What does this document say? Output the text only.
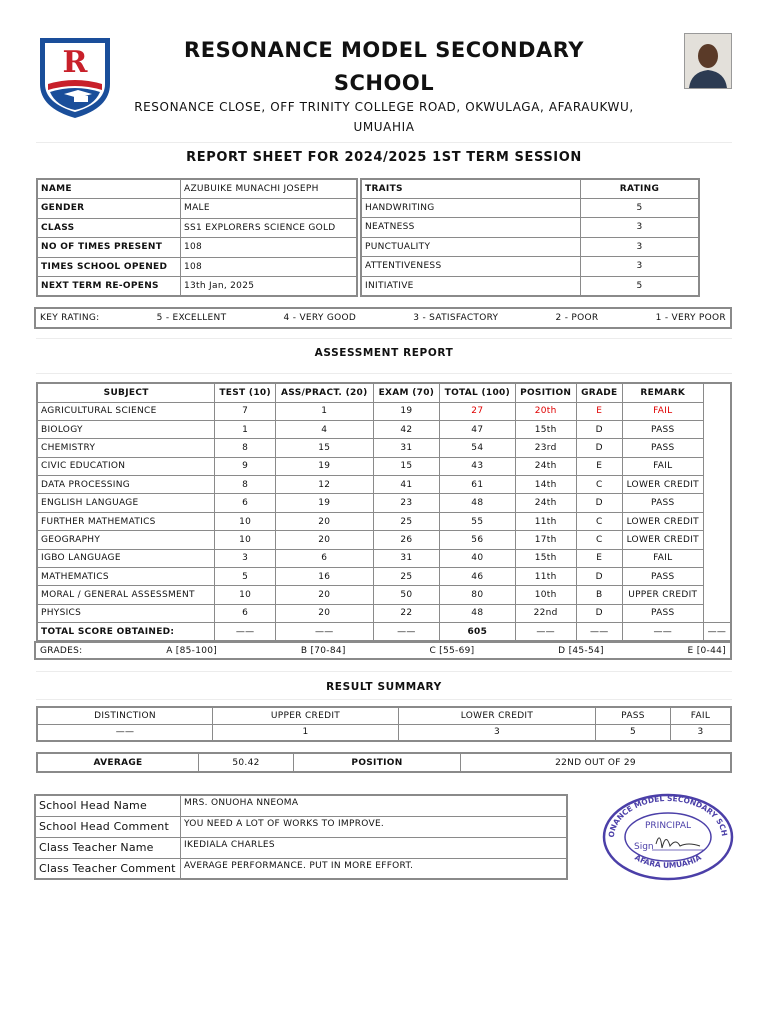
R	RESONANCE MODEL SECONDARY SCHOOL
RESONANCE CLOSE, OFF TRINITY COLLEGE ROAD, OKWULAGA, AFARAUKWU, UMUAHIA
REPORT SHEET FOR 2024/2025 1ST TERM SESSION
NAME	AZUBUIKE MUNACHI JOSEPH
GENDER	MALE
CLASS	SS1 EXPLORERS SCIENCE GOLD
NO OF TIMES PRESENT	108
TIMES SCHOOL OPENED	108
NEXT TERM RE-OPENS	13th Jan, 2025
TRAITS	RATING
HANDWRITING	5
NEATNESS	3
PUNCTUALITY	3
ATTENTIVENESS	3
INITIATIVE	5
KEY RATING:	5 - EXCELLENT	4 - VERY GOOD	3 - SATISFACTORY	2 - POOR	1 - VERY POOR
ASSESSMENT REPORT
SUBJECT	TEST (10)	ASS/PRACT. (20)	EXAM (70)	TOTAL (100)	POSITION	GRADE	REMARK	
AGRICULTURAL SCIENCE	7	1	19	27	20th	E	FAIL	
BIOLOGY	1	4	42	47	15th	D	PASS	
CHEMISTRY	8	15	31	54	23rd	D	PASS	
CIVIC EDUCATION	9	19	15	43	24th	E	FAIL	
DATA PROCESSING	8	12	41	61	14th	C	LOWER CREDIT	
ENGLISH LANGUAGE	6	19	23	48	24th	D	PASS	
FURTHER MATHEMATICS	10	20	25	55	11th	C	LOWER CREDIT	
GEOGRAPHY	10	20	26	56	17th	C	LOWER CREDIT	
IGBO LANGUAGE	3	6	31	40	15th	E	FAIL	
MATHEMATICS	5	16	25	46	11th	D	PASS	
MORAL / GENERAL ASSESSMENT	10	20	50	80	10th	B	UPPER CREDIT	
PHYSICS	6	20	22	48	22nd	D	PASS	
TOTAL SCORE OBTAINED:	——	——	——	605	——	——	——	——
GRADES:	A [85-100]	B [70-84]	C [55-69]	D [45-54]	E [0-44]
RESULT SUMMARY
DISTINCTION	UPPER CREDIT	LOWER CREDIT	PASS	FAIL
——	1	3	5	3
AVERAGE	50.42	POSITION	22ND OUT OF 29
School Head Name	MRS. ONUOHA NNEOMA
School Head Comment	YOU NEED A LOT OF WORKS TO IMPROVE.
Class Teacher Name	IKEDIALA CHARLES
Class Teacher Comment	AVERAGE PERFORMANCE. PUT IN MORE EFFORT.
ONANCE MODEL SECONDARY SCH
AFARA UMUAHIA
PRINCIPAL
Sign
